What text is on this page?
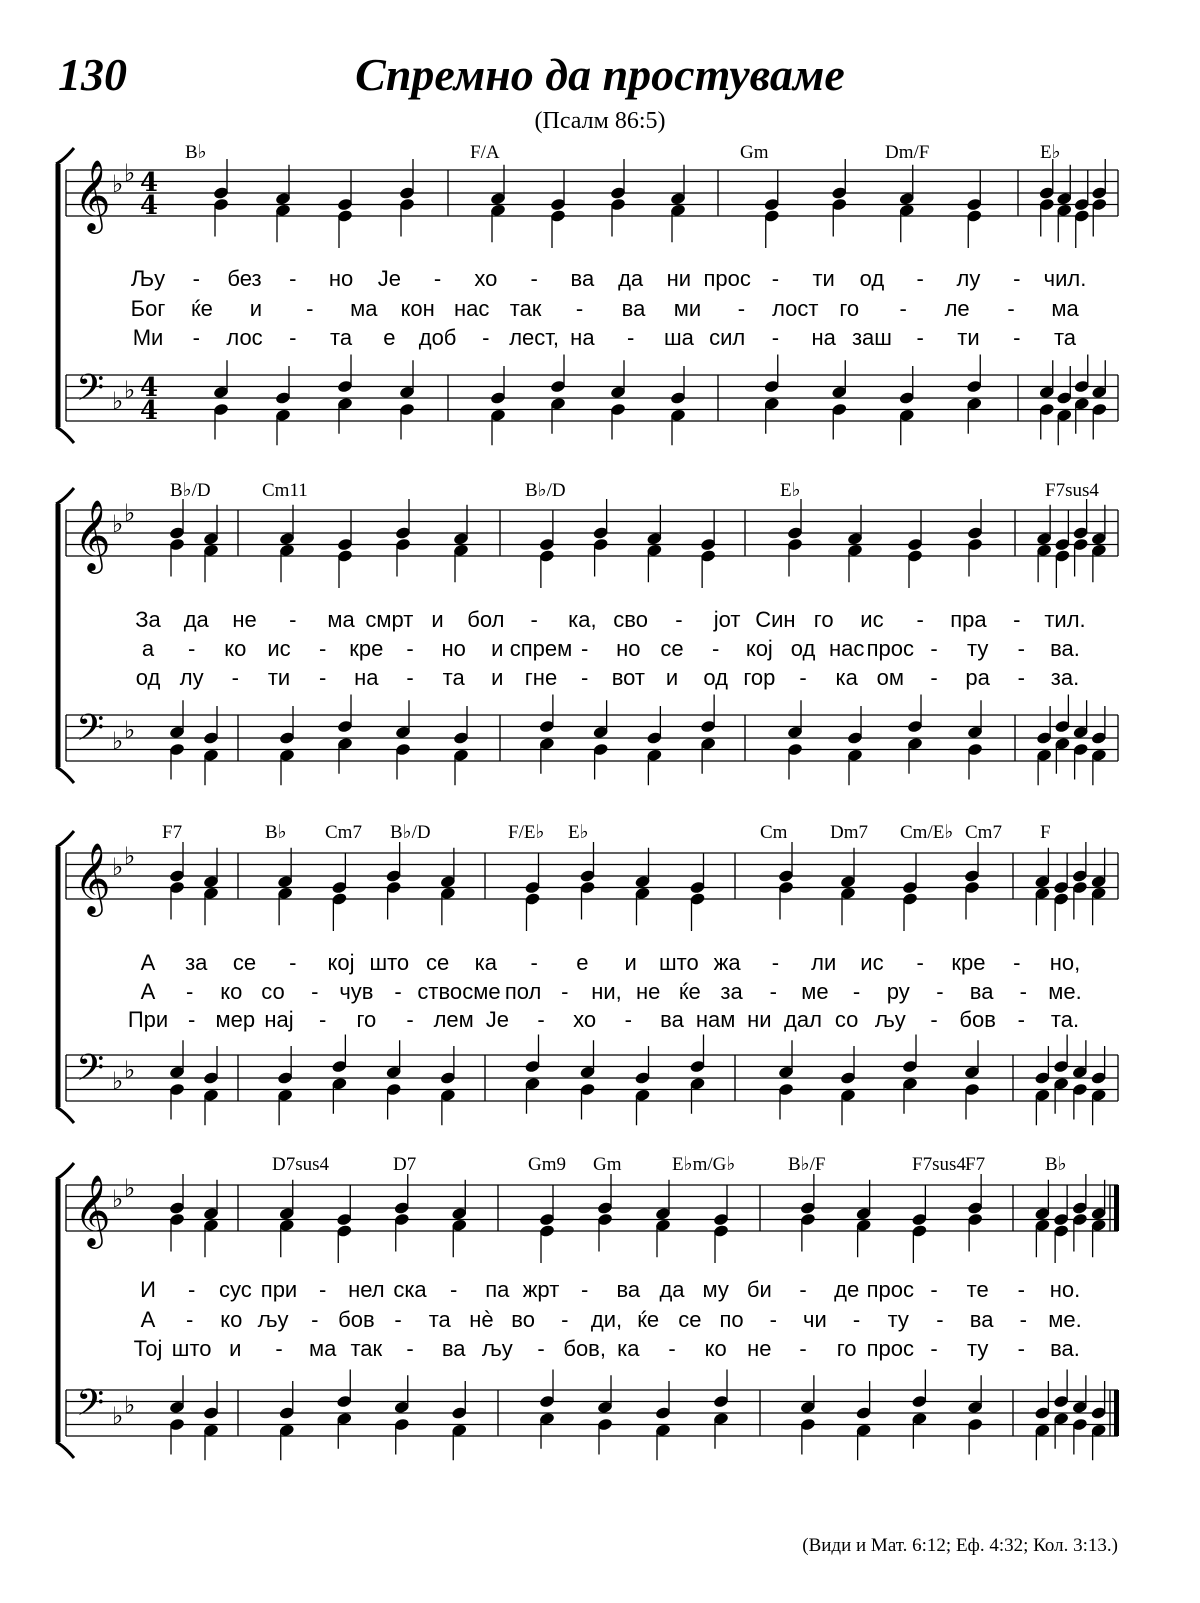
130	Спремно да простуваме
(Псалм 86:5)
𝄞
𝄢
♭ ♭
♭ ♭
4
4
4
4
B♭	F/A	Gm	Dm/F	E♭
Љу - без - но Је - хо - ва да ни прос - ти од - лу - чил.
Бог ќе и - ма кон нас так - ва ми - лост го - ле - ма
Ми - лос - та е доб - лест, на - ша сил - на заш - ти - та
𝄞
𝄢
♭ ♭
♭ ♭
B♭/D	Cm11	B♭/D	E♭	F7sus4
За да не - ма смрт и бол - ка, сво - јот Син го ис - пра - тил.
а - ко ис - кре - но и спрем - но се - кој од нас прос - ту - ва.
од лу - ти - на - та и гне - вот и од гор - ка ом - ра - за.
𝄞
𝄢
♭ ♭
♭ ♭
F7	B♭ Cm7 B♭/D	F/E♭ E♭	Cm Dm7 Cm/E♭ Cm7 F
А за се - кој што се ка - е и што жа - ли ис - кре - но,
А - ко со - чув - ство сме пол - ни, не ќе за - ме - ру - ва - ме.
При - мер нај - го - лем Је - хо - ва нам ни дал со љу - бов - та.
𝄞
𝄢
♭ ♭
♭ ♭
D7sus4	D7	Gm9 Gm	E♭m/G♭	B♭/F	F7sus4 F7	B♭
И - сус при - нел ска - па жрт - ва да му би - де прос - те - но.
А - ко љу - бов - та нè во - ди, ќе се по - чи - ту - ва - ме.
Тој што и - ма так - ва љу - бов, ка - ко не - го прос - ту - ва.
(Види и Мат. 6:12; Еф. 4:32; Кол. 3:13.)
